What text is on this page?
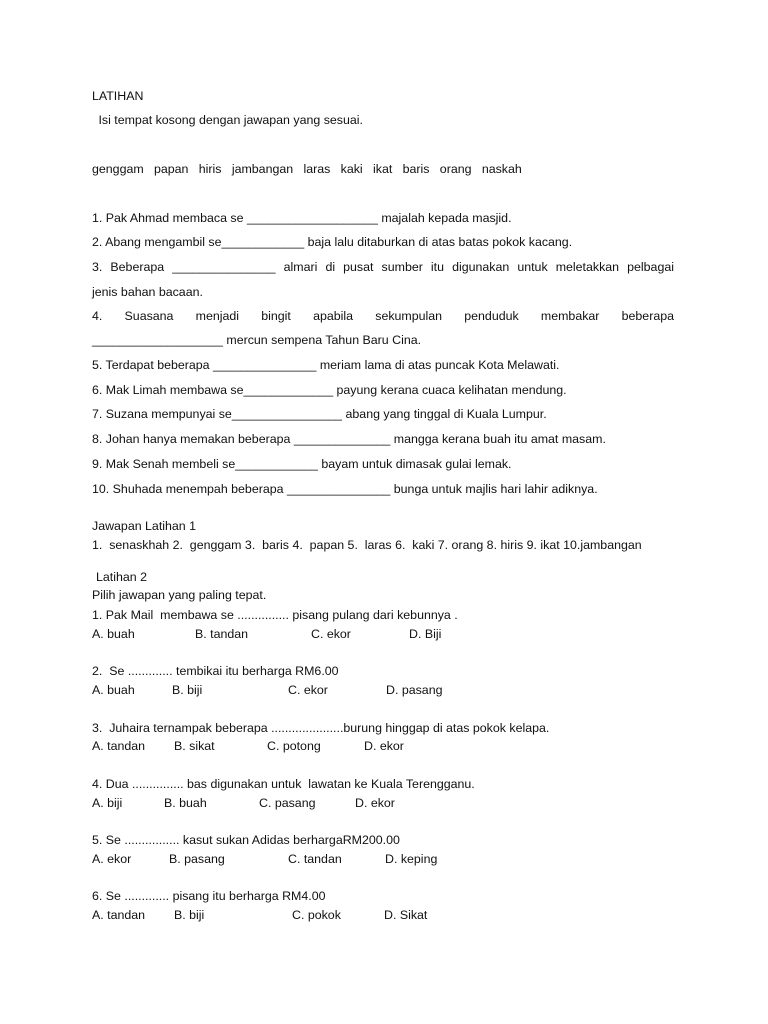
LATIHAN
Isi tempat kosong dengan jawapan yang sesuai.
genggam   papan   hiris   jambangan   laras   kaki   ikat   baris   orang   naskah
1. Pak Ahmad membaca se ___________________ majalah kepada masjid.
2. Abang mengambil se____________ baja lalu ditaburkan di atas batas pokok kacang.
3. Beberapa _______________ almari di pusat sumber itu digunakan untuk meletakkan pelbagai
jenis bahan bacaan.
4. Suasana menjadi bingit apabila sekumpulan penduduk membakar beberapa
___________________ mercun sempena Tahun Baru Cina.
5. Terdapat beberapa _______________ meriam lama di atas puncak Kota Melawati.
6. Mak Limah membawa se_____________ payung kerana cuaca kelihatan mendung.
7. Suzana mempunyai se________________ abang yang tinggal di Kuala Lumpur.
8. Johan hanya memakan beberapa ______________ mangga kerana buah itu amat masam.
9. Mak Senah membeli se____________ bayam untuk dimasak gulai lemak.
10. Shuhada menempah beberapa _______________ bunga untuk majlis hari lahir adiknya.
Jawapan Latihan 1
1.  senaskhah 2.  genggam 3.  baris 4.  papan 5.  laras 6.  kaki 7. orang 8. hiris 9. ikat 10.jambangan
Latihan 2
Pilih jawapan yang paling tepat.
1. Pak Mail  membawa se ............... pisang pulang dari kebunnya .
A. buah	B. tandan	C. ekor	D. Biji
2.  Se ............. tembikai itu berharga RM6.00
A. buah	B. biji	C. ekor	D. pasang
3.  Juhaira ternampak beberapa .....................burung hinggap di atas pokok kelapa.
A. tandan B. sikat	C. potong	D. ekor
4. Dua ............... bas digunakan untuk  lawatan ke Kuala Terengganu.
A. biji	B. buah	C. pasang	D. ekor
5. Se ................ kasut sukan Adidas berhargaRM200.00
A. ekor	B. pasang	C. tandan	D. keping
6. Se ............. pisang itu berharga RM4.00
A. tandan B. biji	C. pokok	D. Sikat
